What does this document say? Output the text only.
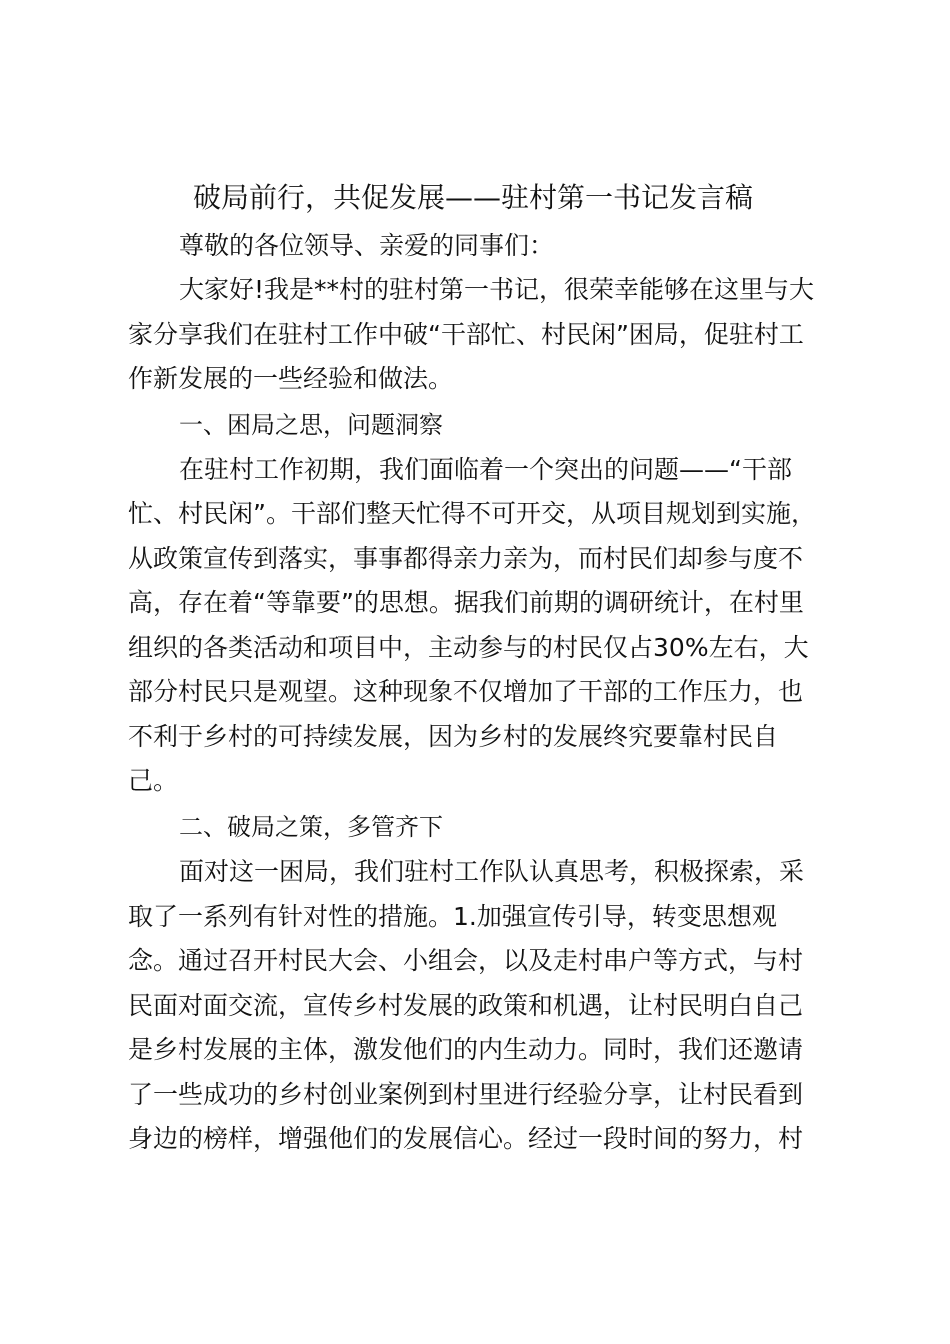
破局前行，共促发展——驻村第一书记发言稿
尊敬的各位领导、亲爱的同事们：
大家好!我是**村的驻村第一书记，很荣幸能够在这里与大
家分享我们在驻村工作中破“干部忙、村民闲”困局，促驻村工
作新发展的一些经验和做法。
一、困局之思，问题洞察
在驻村工作初期，我们面临着一个突出的问题——“干部
忙、村民闲”。干部们整天忙得不可开交，从项目规划到实施，
从政策宣传到落实，事事都得亲力亲为，而村民们却参与度不
高，存在着“等靠要”的思想。据我们前期的调研统计，在村里
组织的各类活动和项目中，主动参与的村民仅占30%左右，大
部分村民只是观望。这种现象不仅增加了干部的工作压力，也
不利于乡村的可持续发展，因为乡村的发展终究要靠村民自
己。
二、破局之策，多管齐下
面对这一困局，我们驻村工作队认真思考，积极探索，采
取了一系列有针对性的措施。1.加强宣传引导，转变思想观
念。通过召开村民大会、小组会，以及走村串户等方式，与村
民面对面交流，宣传乡村发展的政策和机遇，让村民明白自己
是乡村发展的主体，激发他们的内生动力。同时，我们还邀请
了一些成功的乡村创业案例到村里进行经验分享，让村民看到
身边的榜样，增强他们的发展信心。经过一段时间的努力，村
